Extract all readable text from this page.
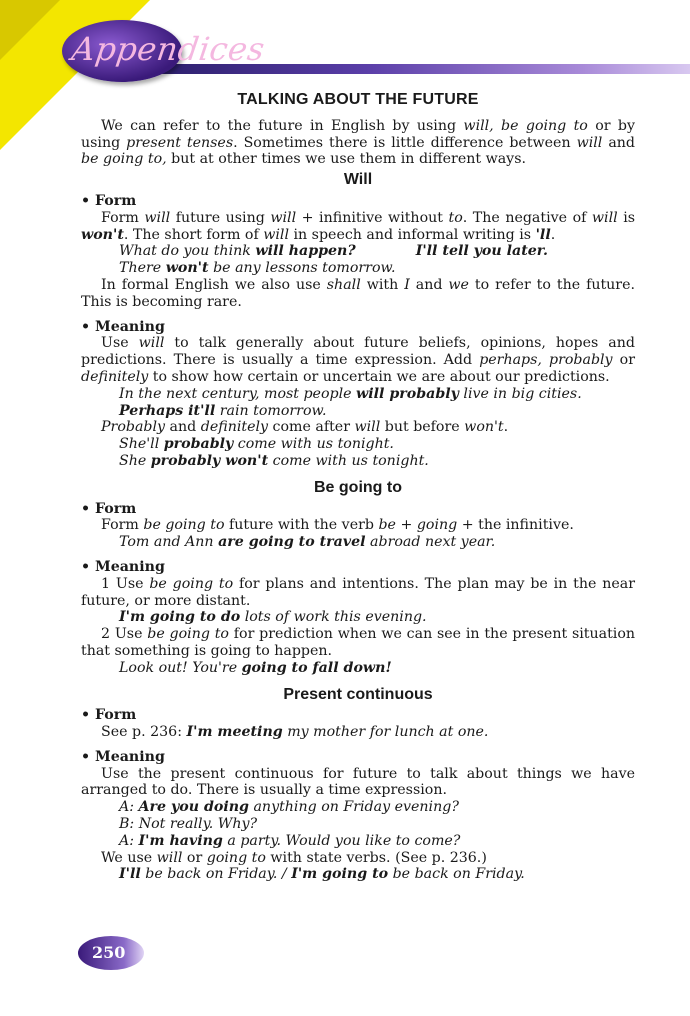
Appendices
TALKING ABOUT THE FUTURE

We can refer to the future in English by using will, be going to or by using present tenses. Sometimes there is little difference between will and be going to, but at other times we use them in different ways.

Will

• Form

Form will future using will + infinitive without to. The negative of will is won't. The short form of will in speech and informal writing is 'll.

What do you think will happen?	I'll tell you later.

There won't be any lessons tomorrow.

In formal English we also use shall with I and we to refer to the future. This is becoming rare.

• Meaning

Use will to talk generally about future beliefs, opinions, hopes and predictions. There is usually a time expression. Add perhaps, probably or definitely to show how certain or uncertain we are about our predictions.

In the next century, most people will probably live in big cities.

Perhaps it'll rain tomorrow.

Probably and definitely come after will but before won't.

She'll probably come with us tonight.

She probably won't come with us tonight.

Be going to

• Form

Form be going to future with the verb be + going + the infinitive.

Tom and Ann are going to travel abroad next year.

• Meaning

1 Use be going to for plans and intentions. The plan may be in the near future, or more distant.

I'm going to do lots of work this evening.

2 Use be going to for prediction when we can see in the present situation that something is going to happen.

Look out! You're going to fall down!

Present continuous

• Form

See p. 236: I'm meeting my mother for lunch at one.

• Meaning

Use the present continuous for future to talk about things we have arranged to do. There is usually a time expression.

A: Are you doing anything on Friday evening?

B: Not really. Why?

A: I'm having a party. Would you like to come?

We use will or going to with state verbs. (See p. 236.)

I'll be back on Friday. / I'm going to be back on Friday.

250
